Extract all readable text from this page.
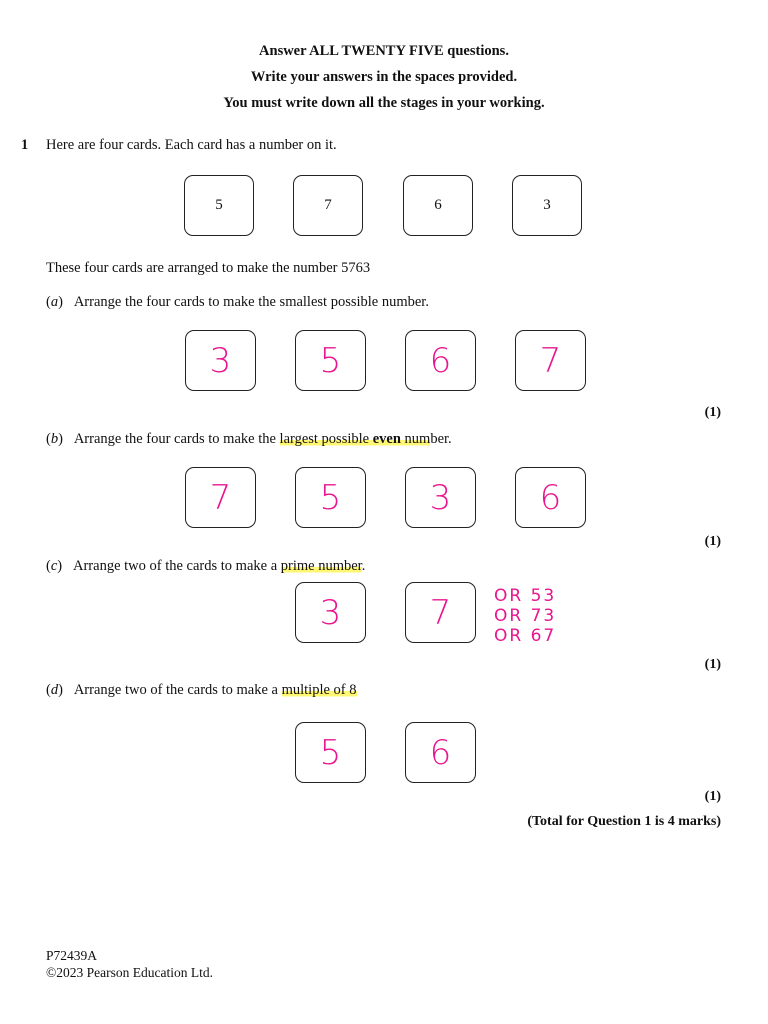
Answer ALL TWENTY FIVE questions.
Write your answers in the spaces provided.
You must write down all the stages in your working.
1 Here are four cards. Each card has a number on it.
5	7	6	3
These four cards are arranged to make the number 5763
(a)   Arrange the four cards to make the smallest possible number.
3	5	6	7
(1)
(b)   Arrange the four cards to make the largest possible even number.
7	5	3	6
(1)
(c)   Arrange two of the cards to make a prime number.
3	7	OR 53
OR 73
OR 67
(1)
(d)   Arrange two of the cards to make a multiple of 8
5	6
(1)
(Total for Question 1 is 4 marks)
P72439A
©2023 Pearson Education Ltd.
